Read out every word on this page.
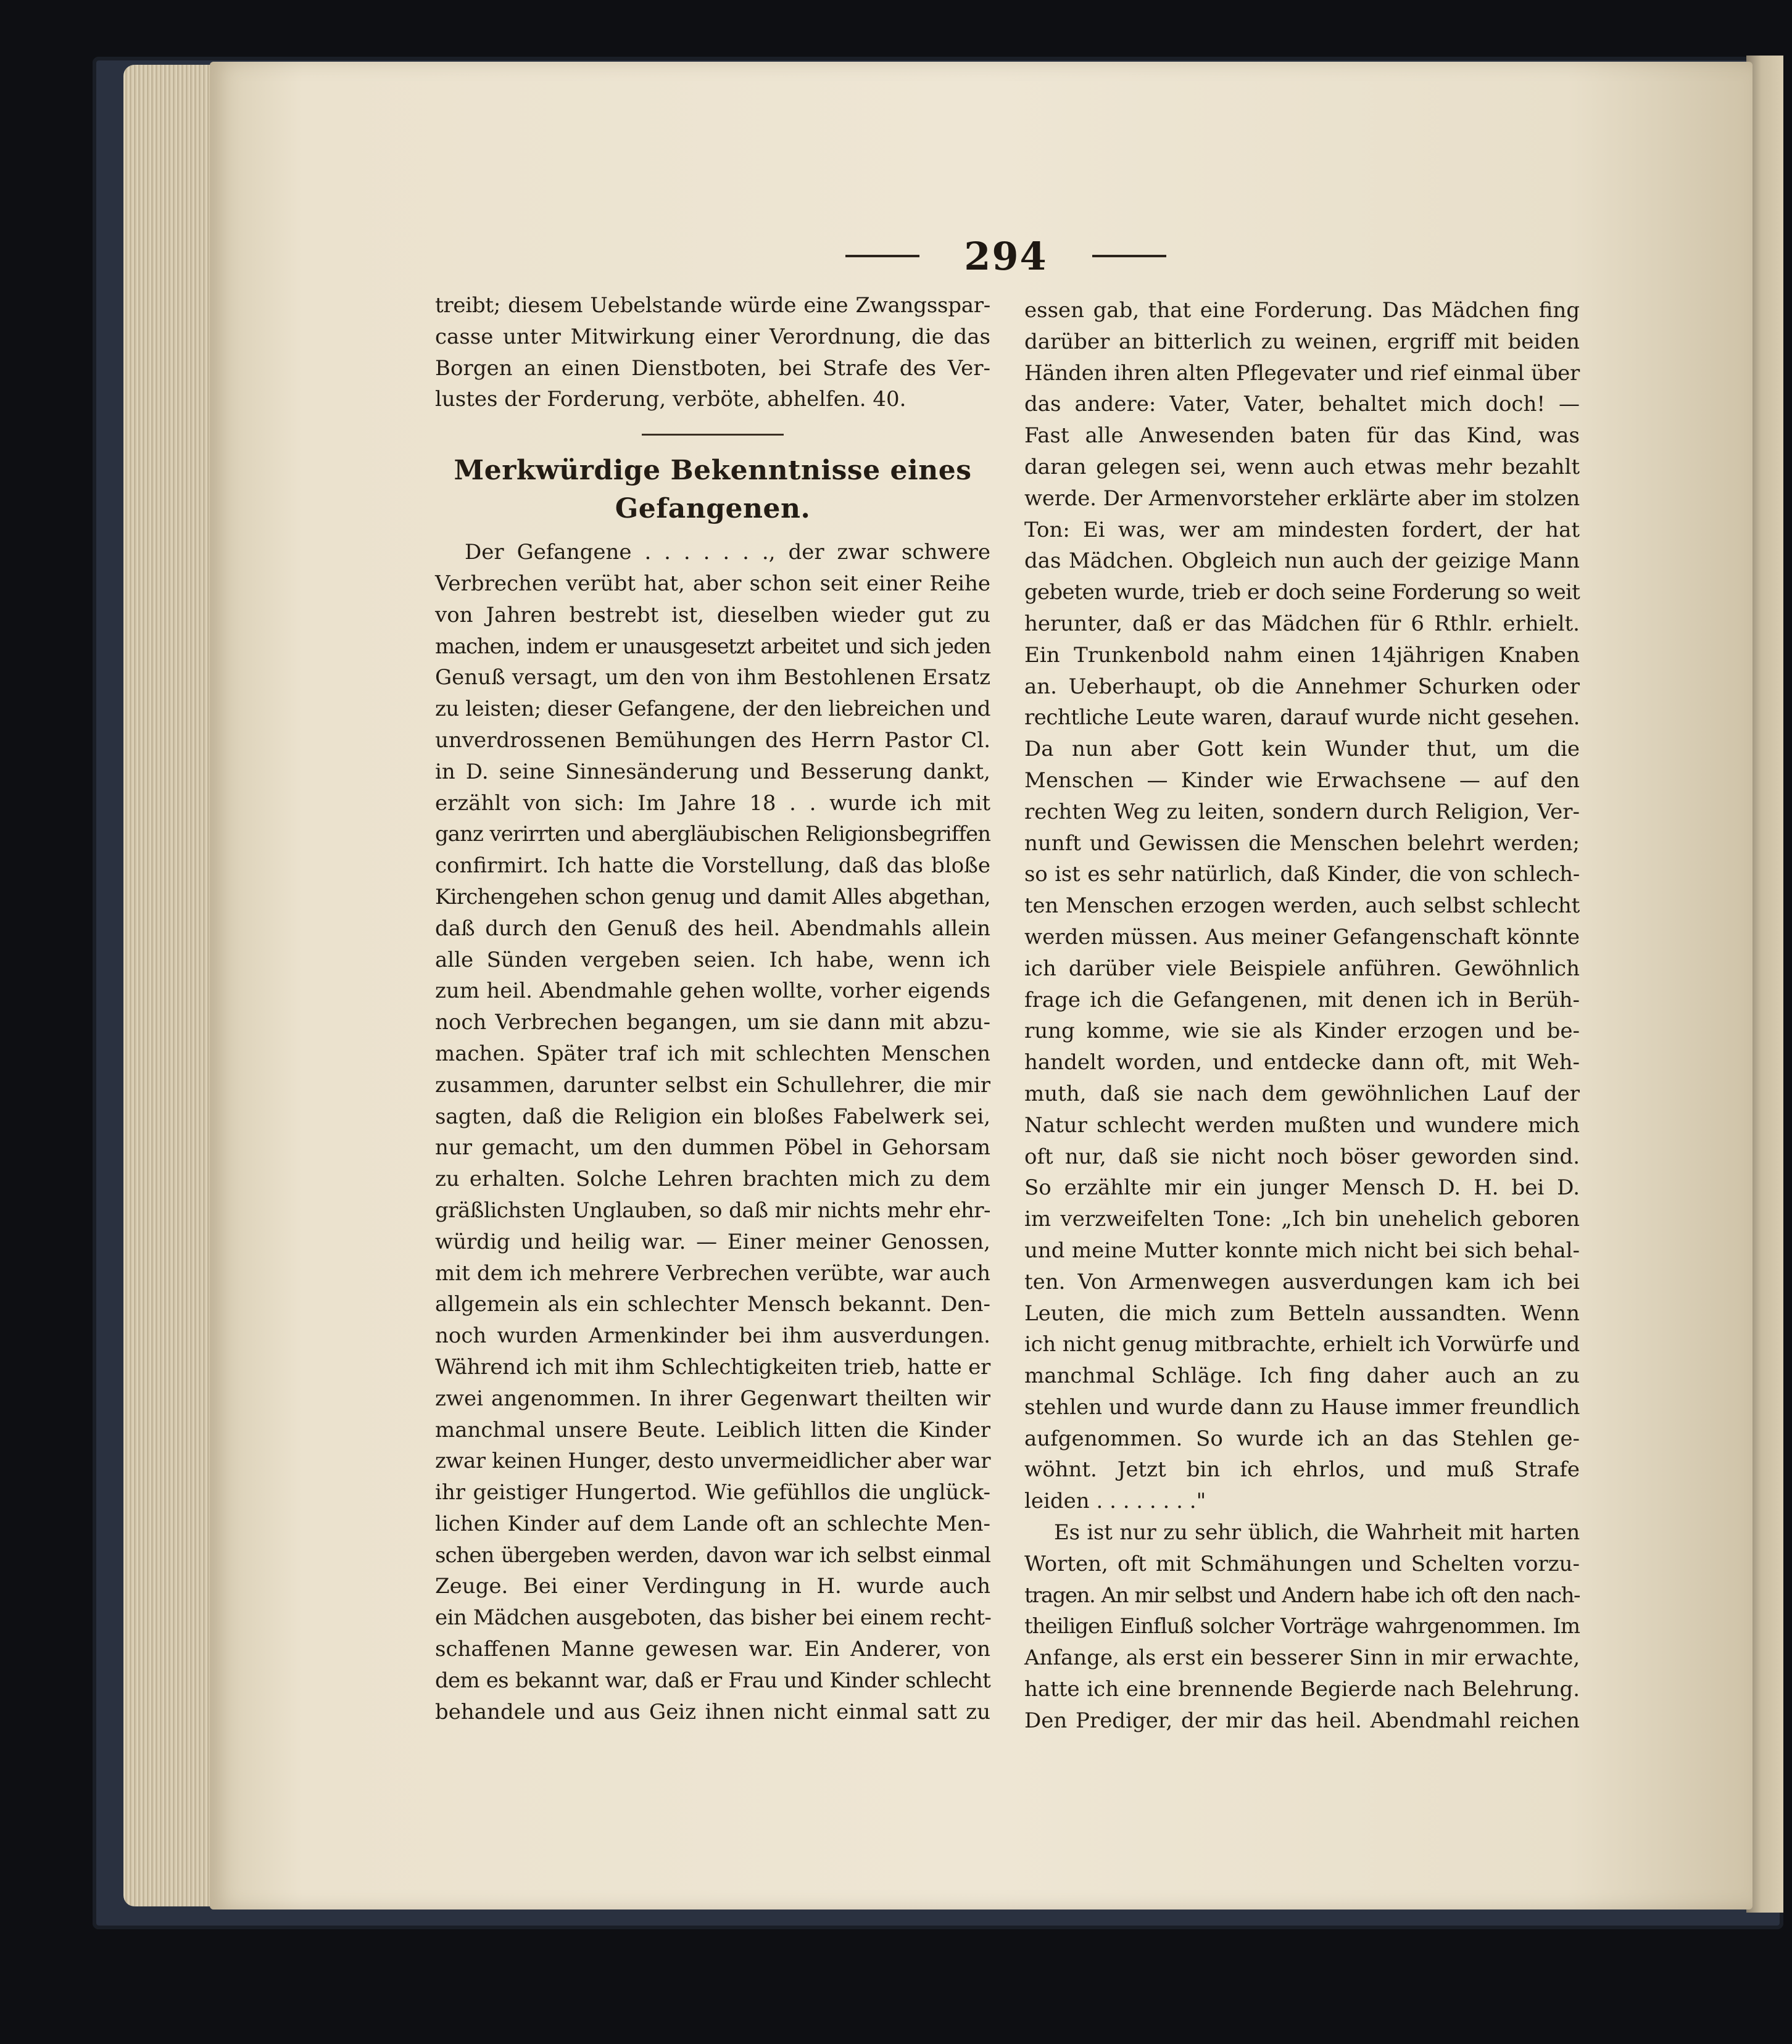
294
treibt; diesem Uebelstande würde eine Zwangsspar-
casse unter Mitwirkung einer Verordnung, die das
Borgen an einen Dienstboten, bei Strafe des Ver-
lustes der Forderung, verböte, abhelfen. 40.
Merkwürdige Bekenntnisse eines
Gefangenen.
Der Gefangene . . . . . . ., der zwar schwere
Verbrechen verübt hat, aber schon seit einer Reihe
von Jahren bestrebt ist, dieselben wieder gut zu
machen, indem er unausgesetzt arbeitet und sich jeden
Genuß versagt, um den von ihm Bestohlenen Ersatz
zu leisten; dieser Gefangene, der den liebreichen und
unverdrossenen Bemühungen des Herrn Pastor Cl.
in D. seine Sinnesänderung und Besserung dankt,
erzählt von sich: Im Jahre 18 . . wurde ich mit
ganz verirrten und abergläubischen Religionsbegriffen
confirmirt. Ich hatte die Vorstellung, daß das bloße
Kirchengehen schon genug und damit Alles abgethan,
daß durch den Genuß des heil. Abendmahls allein
alle Sünden vergeben seien. Ich habe, wenn ich
zum heil. Abendmahle gehen wollte, vorher eigends
noch Verbrechen begangen, um sie dann mit abzu-
machen. Später traf ich mit schlechten Menschen
zusammen, darunter selbst ein Schullehrer, die mir
sagten, daß die Religion ein bloßes Fabelwerk sei,
nur gemacht, um den dummen Pöbel in Gehorsam
zu erhalten. Solche Lehren brachten mich zu dem
gräßlichsten Unglauben, so daß mir nichts mehr ehr-
würdig und heilig war. — Einer meiner Genossen,
mit dem ich mehrere Verbrechen verübte, war auch
allgemein als ein schlechter Mensch bekannt. Den-
noch wurden Armenkinder bei ihm ausverdungen.
Während ich mit ihm Schlechtigkeiten trieb, hatte er
zwei angenommen. In ihrer Gegenwart theilten wir
manchmal unsere Beute. Leiblich litten die Kinder
zwar keinen Hunger, desto unvermeidlicher aber war
ihr geistiger Hungertod. Wie gefühllos die unglück-
lichen Kinder auf dem Lande oft an schlechte Men-
schen übergeben werden, davon war ich selbst einmal
Zeuge. Bei einer Verdingung in H. wurde auch
ein Mädchen ausgeboten, das bisher bei einem recht-
schaffenen Manne gewesen war. Ein Anderer, von
dem es bekannt war, daß er Frau und Kinder schlecht
behandele und aus Geiz ihnen nicht einmal satt zu
essen gab, that eine Forderung. Das Mädchen fing
darüber an bitterlich zu weinen, ergriff mit beiden
Händen ihren alten Pflegevater und rief einmal über
das andere: Vater, Vater, behaltet mich doch! —
Fast alle Anwesenden baten für das Kind, was
daran gelegen sei, wenn auch etwas mehr bezahlt
werde. Der Armenvorsteher erklärte aber im stolzen
Ton: Ei was, wer am mindesten fordert, der hat
das Mädchen. Obgleich nun auch der geizige Mann
gebeten wurde, trieb er doch seine Forderung so weit
herunter, daß er das Mädchen für 6 Rthlr. erhielt.
Ein Trunkenbold nahm einen 14jährigen Knaben
an. Ueberhaupt, ob die Annehmer Schurken oder
rechtliche Leute waren, darauf wurde nicht gesehen.
Da nun aber Gott kein Wunder thut, um die
Menschen — Kinder wie Erwachsene — auf den
rechten Weg zu leiten, sondern durch Religion, Ver-
nunft und Gewissen die Menschen belehrt werden;
so ist es sehr natürlich, daß Kinder, die von schlech-
ten Menschen erzogen werden, auch selbst schlecht
werden müssen. Aus meiner Gefangenschaft könnte
ich darüber viele Beispiele anführen. Gewöhnlich
frage ich die Gefangenen, mit denen ich in Berüh-
rung komme, wie sie als Kinder erzogen und be-
handelt worden, und entdecke dann oft, mit Weh-
muth, daß sie nach dem gewöhnlichen Lauf der
Natur schlecht werden mußten und wundere mich
oft nur, daß sie nicht noch böser geworden sind.
So erzählte mir ein junger Mensch D. H. bei D.
im verzweifelten Tone: „Ich bin unehelich geboren
und meine Mutter konnte mich nicht bei sich behal-
ten. Von Armenwegen ausverdungen kam ich bei
Leuten, die mich zum Betteln aussandten. Wenn
ich nicht genug mitbrachte, erhielt ich Vorwürfe und
manchmal Schläge. Ich fing daher auch an zu
stehlen und wurde dann zu Hause immer freundlich
aufgenommen. So wurde ich an das Stehlen ge-
wöhnt. Jetzt bin ich ehrlos, und muß Strafe
leiden . . . . . . . ."
Es ist nur zu sehr üblich, die Wahrheit mit harten
Worten, oft mit Schmähungen und Schelten vorzu-
tragen. An mir selbst und Andern habe ich oft den nach-
theiligen Einfluß solcher Vorträge wahrgenommen. Im
Anfange, als erst ein besserer Sinn in mir erwachte,
hatte ich eine brennende Begierde nach Belehrung.
Den Prediger, der mir das heil. Abendmahl reichen
